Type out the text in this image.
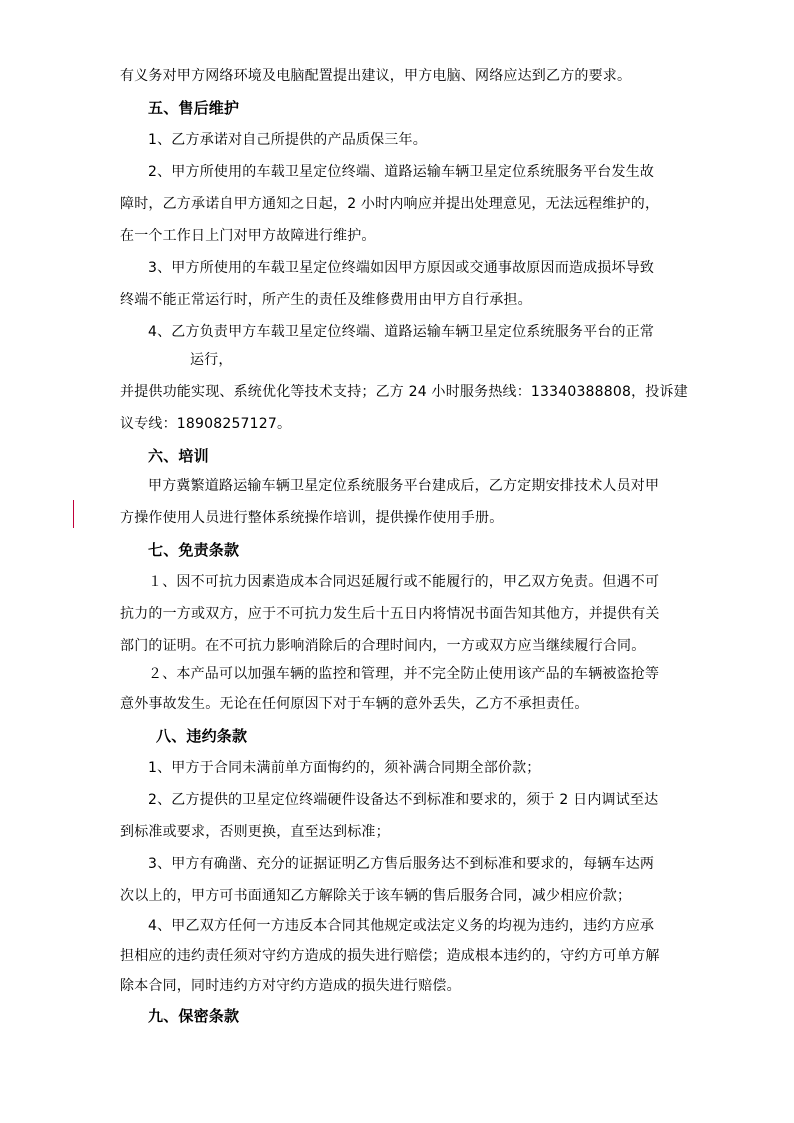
有义务对甲方网络环境及电脑配置提出建议，甲方电脑、网络应达到乙方的要求。
五、售后维护
1、乙方承诺对自己所提供的产品质保三年。
2、甲方所使用的车载卫星定位终端、道路运输车辆卫星定位系统服务平台发生故
障时，乙方承诺自甲方通知之日起，2 小时内响应并提出处理意见，无法远程维护的，
在一个工作日上门对甲方故障进行维护。
3、甲方所使用的车载卫星定位终端如因甲方原因或交通事故原因而造成损坏导致
终端不能正常运行时，所产生的责任及维修费用由甲方自行承担。
4、乙方负责甲方车载卫星定位终端、道路运输车辆卫星定位系统服务平台的正常
运行，
并提供功能实现、系统优化等技术支持；乙方 24 小时服务热线：13340388808，投诉建
议专线：18908257127。
六、培训
甲方冀繁道路运输车辆卫星定位系统服务平台建成后，乙方定期安排技术人员对甲
方操作使用人员进行整体系统操作培训，提供操作使用手册。
七、免责条款
１、因不可抗力因素造成本合同迟延履行或不能履行的，甲乙双方免责。但遇不可
抗力的一方或双方，应于不可抗力发生后十五日内将情况书面告知其他方，并提供有关
部门的证明。在不可抗力影响消除后的合理时间内，一方或双方应当继续履行合同。
２、本产品可以加强车辆的监控和管理，并不完全防止使用该产品的车辆被盗抢等
意外事故发生。无论在任何原因下对于车辆的意外丢失，乙方不承担责任。
八、违约条款
1、甲方于合同未满前单方面悔约的，须补满合同期全部价款；
2、乙方提供的卫星定位终端硬件设备达不到标准和要求的，须于 2 日内调试至达
到标准或要求，否则更换，直至达到标准；
3、甲方有确凿、充分的证据证明乙方售后服务达不到标准和要求的，每辆车达两
次以上的，甲方可书面通知乙方解除关于该车辆的售后服务合同，减少相应价款；
4、甲乙双方任何一方违反本合同其他规定或法定义务的均视为违约，违约方应承
担相应的违约责任须对守约方造成的损失进行赔偿；造成根本违约的，守约方可单方解
除本合同，同时违约方对守约方造成的损失进行赔偿。
九、保密条款
